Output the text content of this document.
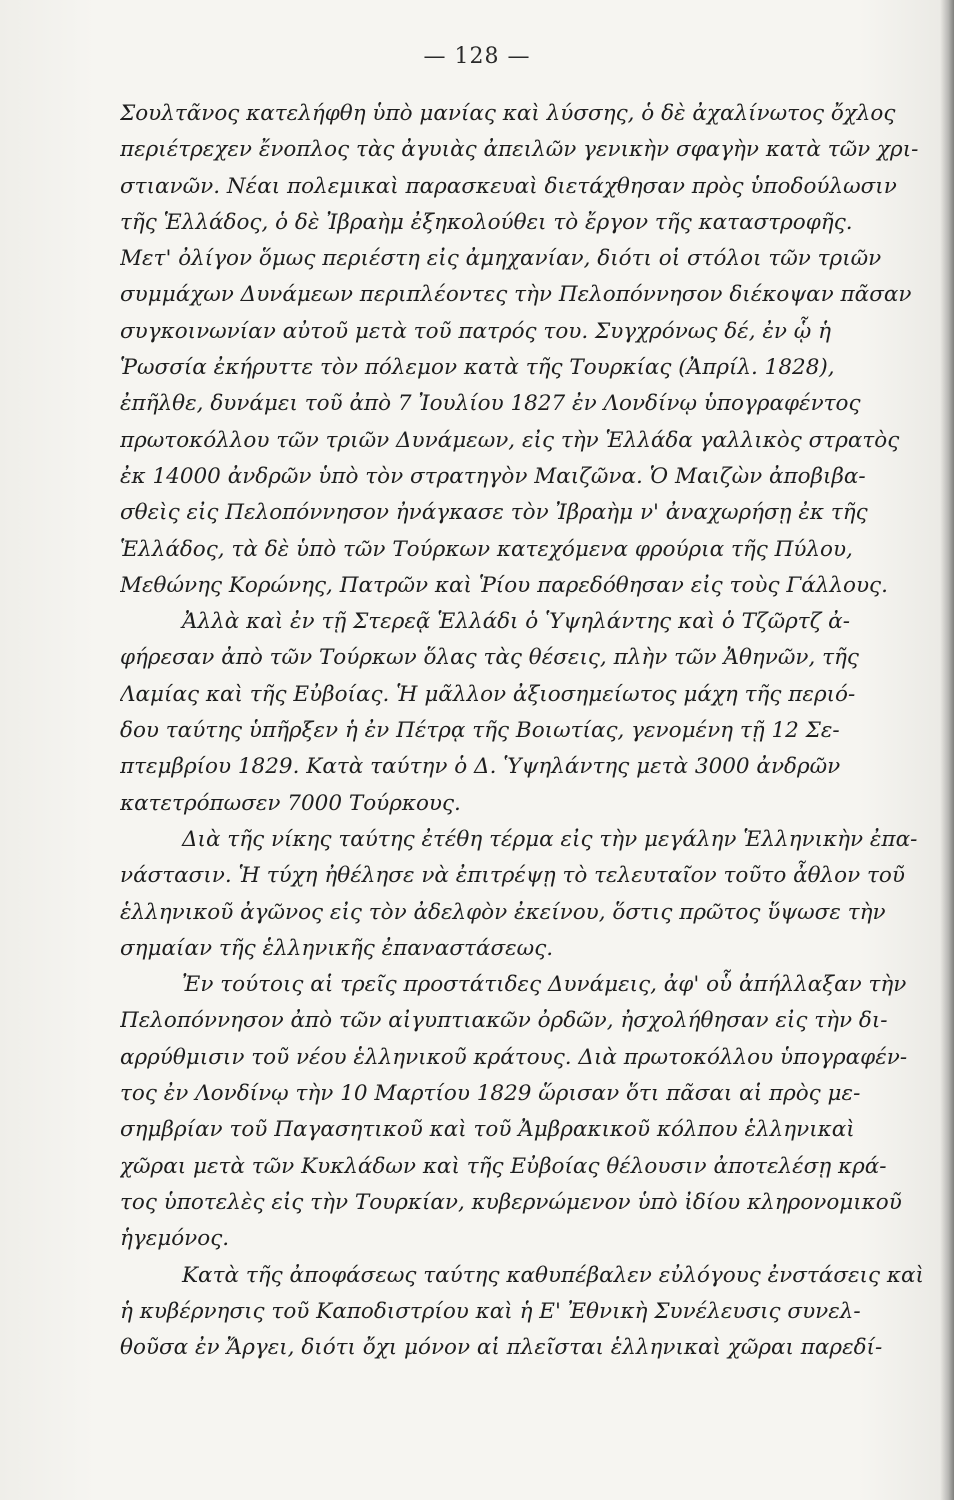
— 128 —
Σουλτᾶνος κατελήφθη ὑπὸ μανίας καὶ λύσσης, ὁ δὲ ἀχαλίνωτος ὄχλος
περιέτρεχεν ἔνοπλος τὰς ἀγυιὰς ἀπειλῶν γενικὴν σφαγὴν κατὰ τῶν χρι-
στιανῶν. Νέαι πολεμικαὶ παρασκευαὶ διετάχθησαν πρὸς ὑποδούλωσιν
τῆς Ἑλλάδος, ὁ δὲ Ἰβραὴμ ἐξηκολούθει τὸ ἔργον τῆς καταστροφῆς.
Μετ' ὀλίγον ὅμως περιέστη εἰς ἀμηχανίαν, διότι οἱ στόλοι τῶν τριῶν
συμμάχων Δυνάμεων περιπλέοντες τὴν Πελοπόννησον διέκοψαν πᾶσαν
συγκοινωνίαν αὐτοῦ μετὰ τοῦ πατρός του. Συγχρόνως δέ, ἐν ᾧ ἡ
Ῥωσσία ἐκήρυττε τὸν πόλεμον κατὰ τῆς Τουρκίας (Ἀπρίλ. 1828),
ἐπῆλθε, δυνάμει τοῦ ἀπὸ 7 Ἰουλίου 1827 ἐν Λονδίνῳ ὑπογραφέντος
πρωτοκόλλου τῶν τριῶν Δυνάμεων, εἰς τὴν Ἑλλάδα γαλλικὸς στρατὸς
ἐκ 14000 ἀνδρῶν ὑπὸ τὸν στρατηγὸν Μαιζῶνα. Ὁ Μαιζὼν ἀποβιβα-
σθεὶς εἰς Πελοπόννησον ἠνάγκασε τὸν Ἰβραὴμ ν' ἀναχωρήσῃ ἐκ τῆς
Ἑλλάδος, τὰ δὲ ὑπὸ τῶν Τούρκων κατεχόμενα φρούρια τῆς Πύλου,
Μεθώνης Κορώνης, Πατρῶν καὶ Ῥίου παρεδόθησαν εἰς τοὺς Γάλλους.
Ἀλλὰ καὶ ἐν τῇ Στερεᾷ Ἑλλάδι ὁ Ὑψηλάντης καὶ ὁ Τζῶρτζ ἀ-
φήρεσαν ἀπὸ τῶν Τούρκων ὅλας τὰς θέσεις, πλὴν τῶν Ἀθηνῶν, τῆς
Λαμίας καὶ τῆς Εὐβοίας. Ἡ μᾶλλον ἀξιοσημείωτος μάχη τῆς περιό-
δου ταύτης ὑπῆρξεν ἡ ἐν Πέτρᾳ τῆς Βοιωτίας, γενομένη τῇ 12 Σε-
πτεμβρίου 1829. Κατὰ ταύτην ὁ Δ. Ὑψηλάντης μετὰ 3000 ἀνδρῶν
κατετρόπωσεν 7000 Τούρκους.
Διὰ τῆς νίκης ταύτης ἐτέθη τέρμα εἰς τὴν μεγάλην Ἑλληνικὴν ἐπα-
νάστασιν. Ἡ τύχη ἠθέλησε νὰ ἐπιτρέψῃ τὸ τελευταῖον τοῦτο ἆθλον τοῦ
ἑλληνικοῦ ἀγῶνος εἰς τὸν ἀδελφὸν ἐκείνου, ὅστις πρῶτος ὕψωσε τὴν
σημαίαν τῆς ἑλληνικῆς ἐπαναστάσεως.
Ἐν τούτοις αἱ τρεῖς προστάτιδες Δυνάμεις, ἀφ' οὗ ἀπήλλαξαν τὴν
Πελοπόννησον ἀπὸ τῶν αἰγυπτιακῶν ὀρδῶν, ἠσχολήθησαν εἰς τὴν δι-
αρρύθμισιν τοῦ νέου ἑλληνικοῦ κράτους. Διὰ πρωτοκόλλου ὑπογραφέν-
τος ἐν Λονδίνῳ τὴν 10 Μαρτίου 1829 ὥρισαν ὅτι πᾶσαι αἱ πρὸς με-
σημβρίαν τοῦ Παγασητικοῦ καὶ τοῦ Ἀμβρακικοῦ κόλπου ἑλληνικαὶ
χῶραι μετὰ τῶν Κυκλάδων καὶ τῆς Εὐβοίας θέλουσιν ἀποτελέσῃ κρά-
τος ὑποτελὲς εἰς τὴν Τουρκίαν, κυβερνώμενον ὑπὸ ἰδίου κληρονομικοῦ
ἡγεμόνος.
Κατὰ τῆς ἀποφάσεως ταύτης καθυπέβαλεν εὐλόγους ἐνστάσεις καὶ
ἡ κυβέρνησις τοῦ Καποδιστρίου καὶ ἡ Ε' Ἐθνικὴ Συνέλευσις συνελ-
θοῦσα ἐν Ἄργει, διότι ὄχι μόνον αἱ πλεῖσται ἑλληνικαὶ χῶραι παρεδί-
